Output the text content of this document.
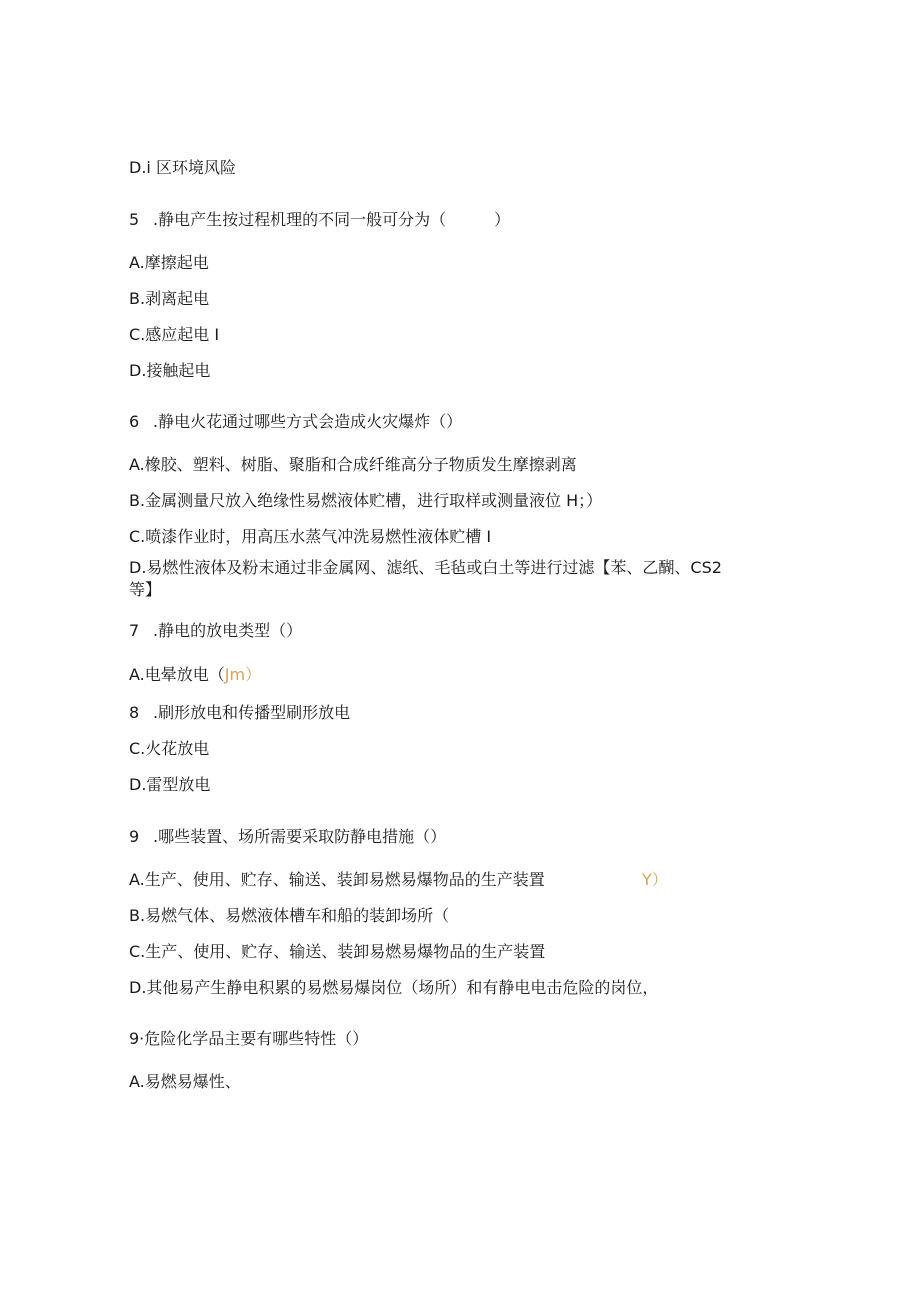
D.i 区环境风险
5 .静电产生按过程机理的不同一般可分为（　　　）
A.摩擦起电
B.剥离起电
C.感应起电 I
D.接触起电
6 .静电火花通过哪些方式会造成火灾爆炸（）
A.橡胶、塑料、树脂、聚脂和合成纤维高分子物质发生摩擦剥离
B.金属测量尺放入绝缘性易燃液体贮槽，进行取样或测量液位 H；）
C.喷漆作业时，用高压水蒸气冲洗易燃性液体贮槽 I
D.易燃性液体及粉末通过非金属网、滤纸、毛毡或白土等进行过滤【苯、乙醐、CS2
等】
7 .静电的放电类型（）
A.电晕放电（Jm）
8 .刷形放电和传播型刷形放电
C.火花放电
D.雷型放电
9 .哪些装置、场所需要采取防静电措施（）
A.生产、使用、贮存、输送、装卸易燃易爆物品的生产装置	Y）
B.易燃气体、易燃液体槽车和船的装卸场所（
C.生产、使用、贮存、输送、装卸易燃易爆物品的生产装置
D.其他易产生静电积累的易燃易爆岗位（场所）和有静电电击危险的岗位，
9·危险化学品主要有哪些特性（）
A.易燃易爆性、
